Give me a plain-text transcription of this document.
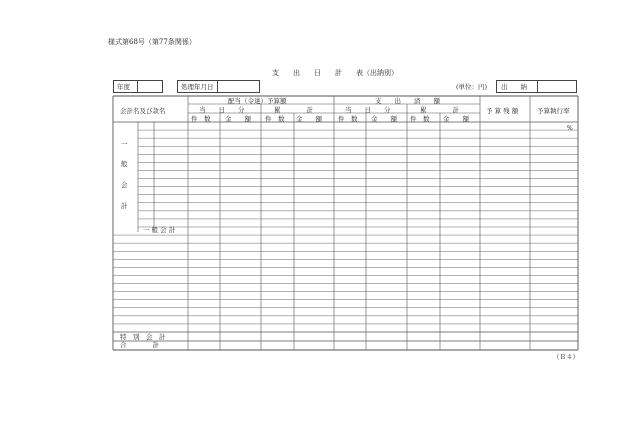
様式第68号（第77条関係）
支　　出　　日　　計　　表（出納別）
年度	処理年月日	(単位：円) 出　　納
会計名及び款名
配当（令達）予算額	支　　出　　済　　額
当　　日　　分	累　　　　計	当　　日　　分	累　　　　計
件　数 金　　額 件　数 金　　額 件　数 金　　額 件　数 金　　額
予 算 残 額	予算執行率
%
一
般
会
計
一 般 会 計
特　別　会　計
合　　　　計
（Ｂ４）
